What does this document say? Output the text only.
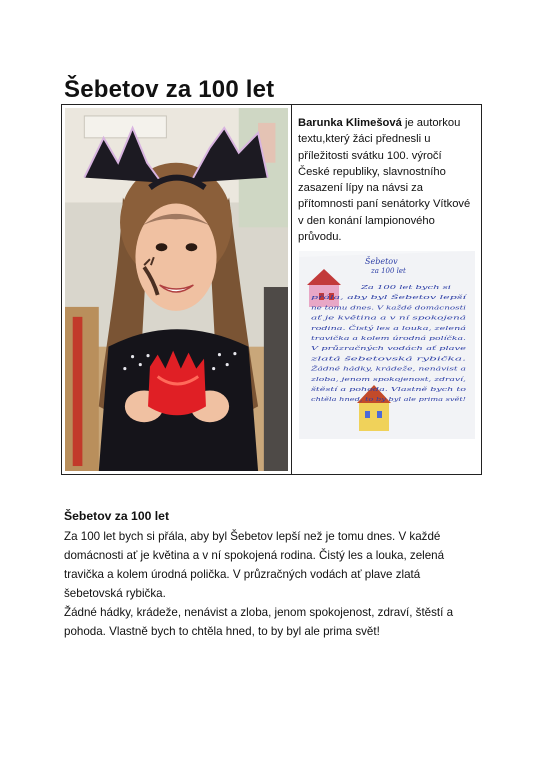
Šebetov za 100 let

Barunka Klimešová je autorkou textu,který žáci přednesli u příležitosti svátku 100. výročí České republiky, slavnostního zasazení lípy na návsi za přítomnosti paní senátorky Vítkové v den konání lampionového průvodu.

Šebetov
za 100 let
Za 100 let bych si
přála, aby byl Šebetov lepší
ne tomu dnes. V každé domácnosti
ať je květina a v ní spokojená
rodina. Čistý les a louka, zelená
travička a kolem úrodná políčka.
V průzračných vodách ať plave
zlatá šebetovská rybička.
Žádné hádky, krádeže, nenávist a
zloba, jenom spokojenost, zdraví,
štěstí a pohoda. Vlastně bych to
chtěla hned, to by byl ale prima svět!
Šebetov za 100 let

Za 100 let bych si přála, aby byl Šebetov lepší než je tomu dnes. V každé domácnosti ať je květina a v ní spokojená rodina. Čistý les a louka, zelená travička a kolem úrodná polička. V průzračných vodách ať plave zlatá šebetovská rybička.

Žádné hádky, krádeže, nenávist a zloba, jenom spokojenost, zdraví, štěstí a pohoda. Vlastně bych to chtěla hned, to by byl ale prima svět!
